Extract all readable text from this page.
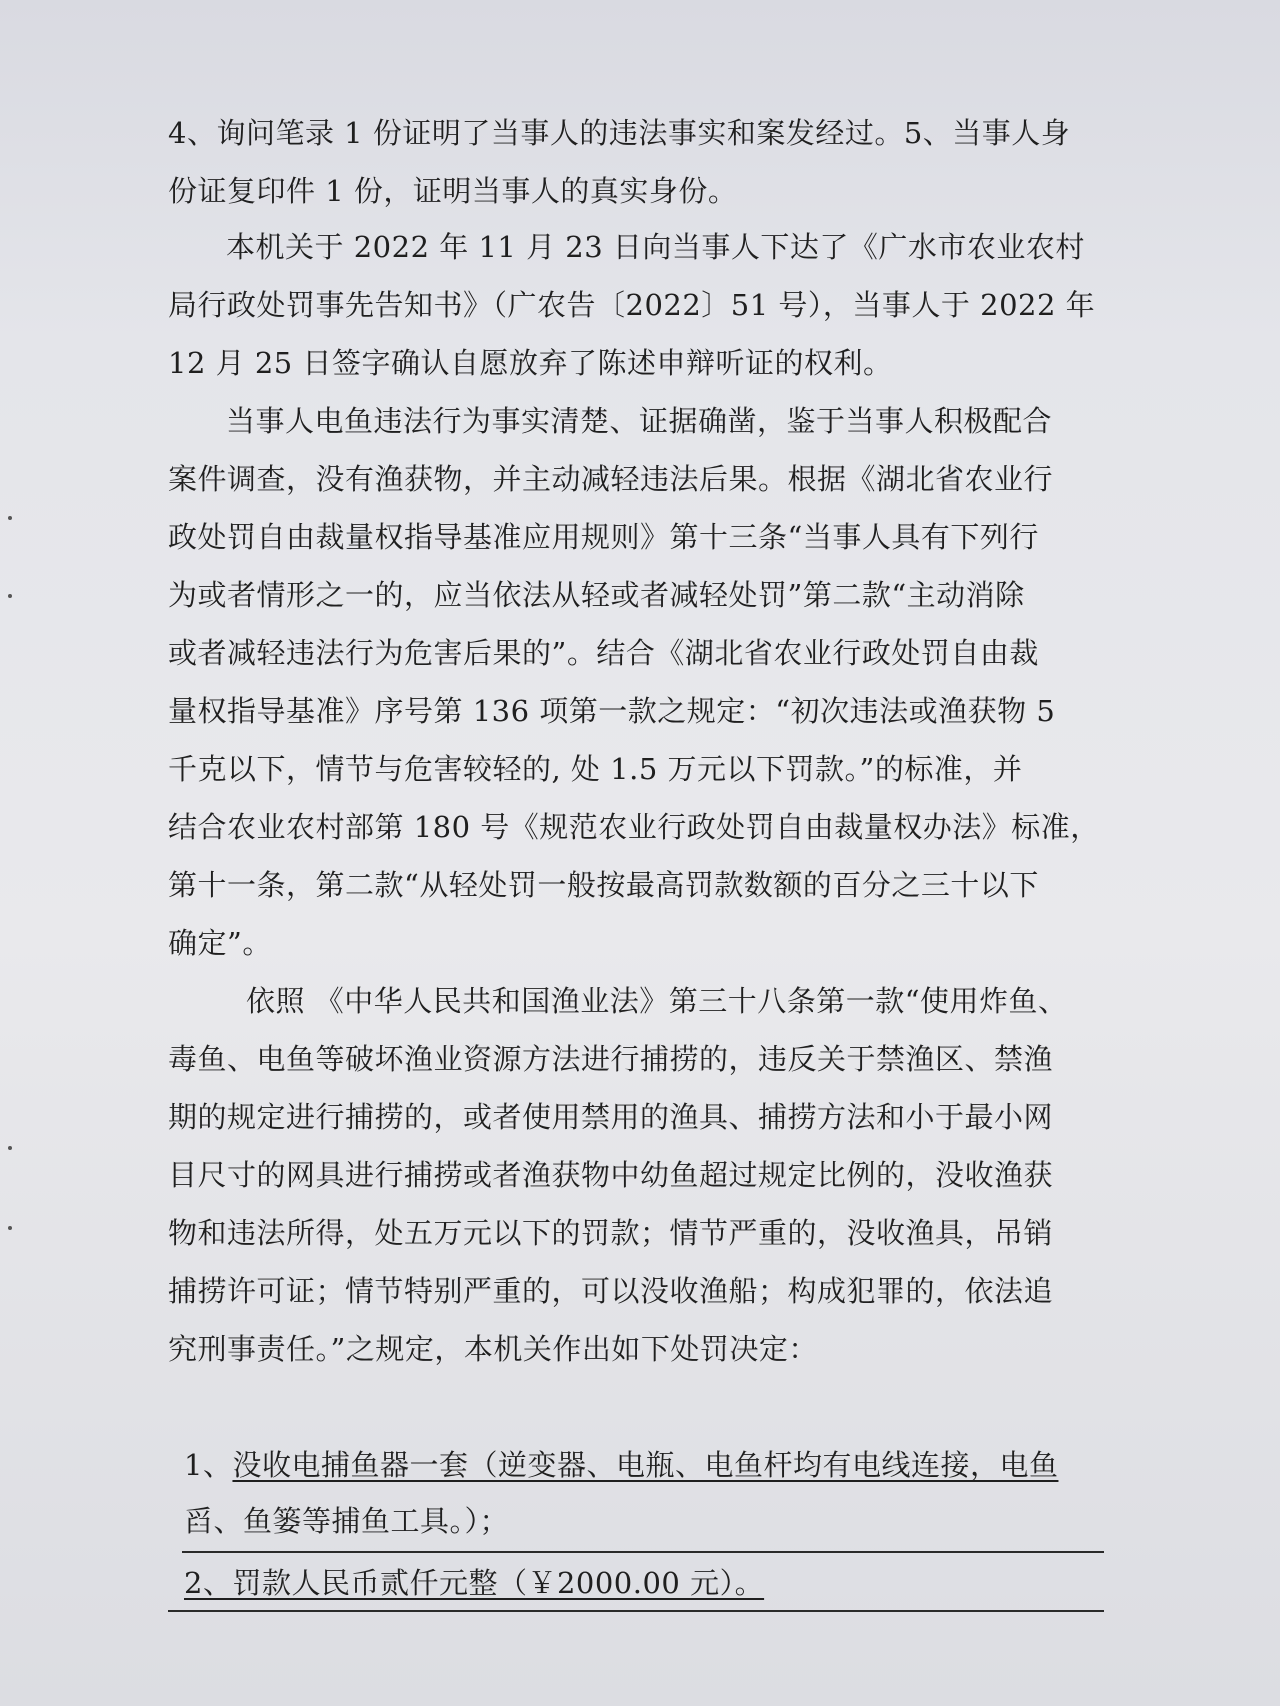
4、询问笔录 1 份证明了当事人的违法事实和案发经过。5、当事人身
份证复印件 1 份，证明当事人的真实身份。
本机关于 2022 年 11 月 23 日向当事人下达了《广水市农业农村
局行政处罚事先告知书》（广农告〔2022〕51 号），当事人于 2022 年
12 月 25 日签字确认自愿放弃了陈述申辩听证的权利。
当事人电鱼违法行为事实清楚、证据确凿，鉴于当事人积极配合
案件调查，没有渔获物，并主动减轻违法后果。根据《湖北省农业行
政处罚自由裁量权指导基准应用规则》第十三条“当事人具有下列行
为或者情形之一的，应当依法从轻或者减轻处罚”第二款“主动消除
或者减轻违法行为危害后果的”。结合《湖北省农业行政处罚自由裁
量权指导基准》序号第 136 项第一款之规定：“初次违法或渔获物 5
千克以下，情节与危害较轻的, 处 1.5 万元以下罚款。”的标准，并
结合农业农村部第 180 号《规范农业行政处罚自由裁量权办法》标准，
第十一条，第二款“从轻处罚一般按最高罚款数额的百分之三十以下
确定”。
依照 《中华人民共和国渔业法》第三十八条第一款“使用炸鱼、
毒鱼、电鱼等破坏渔业资源方法进行捕捞的，违反关于禁渔区、禁渔
期的规定进行捕捞的，或者使用禁用的渔具、捕捞方法和小于最小网
目尺寸的网具进行捕捞或者渔获物中幼鱼超过规定比例的，没收渔获
物和违法所得，处五万元以下的罚款；情节严重的，没收渔具，吊销
捕捞许可证；情节特别严重的，可以没收渔船；构成犯罪的，依法追
究刑事责任。”之规定，本机关作出如下处罚决定：
1、没收电捕鱼器一套（逆变器、电瓶、电鱼杆均有电线连接，电鱼
舀、鱼篓等捕鱼工具。）；
2、罚款人民币贰仟元整（￥2000.00 元）。
